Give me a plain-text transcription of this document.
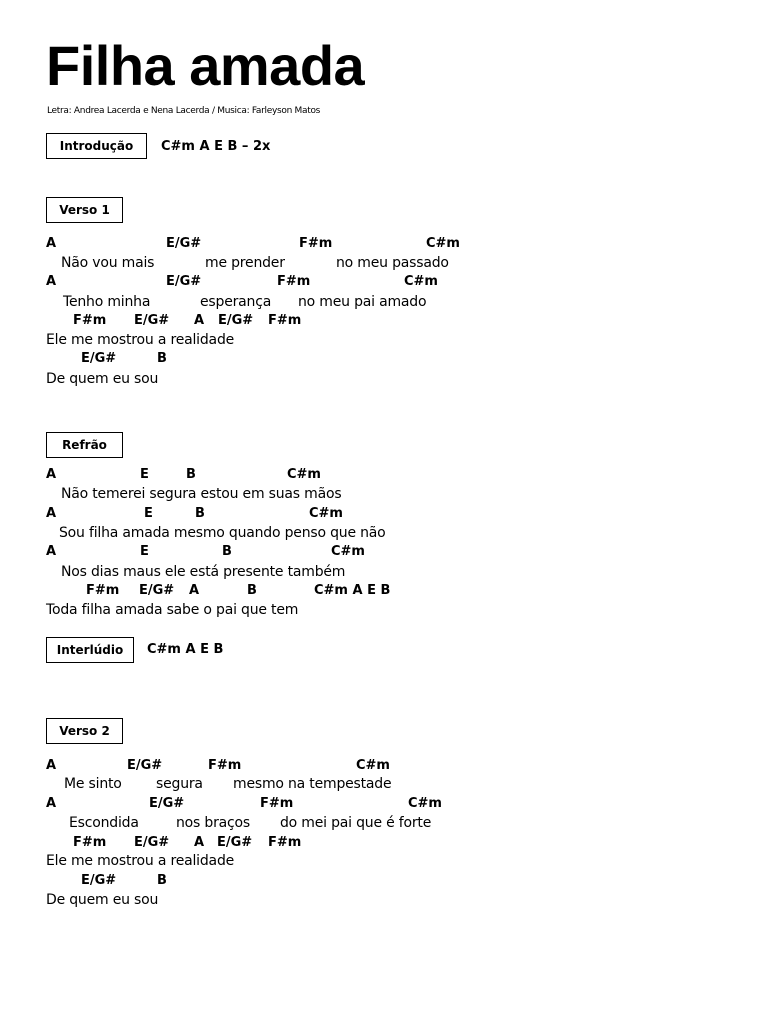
Filha amada
Letra: Andrea Lacerda e Nena Lacerda / Musica: Farleyson Matos
Introdução	C#m A E B – 2x
Verso 1
A	E/G#	F#m	C#m
Não vou mais	me prender	no meu passado
A	E/G#	F#m	C#m
Tenho minha	esperança no meu pai amado
F#m E/G# A E/G# F#m
Ele me mostrou a realidade
E/G#	B
De quem eu sou
Refrão
A	E	B	C#m
Não temerei segura estou em suas mãos
A	E	B	C#m
Sou filha amada mesmo quando penso que não
A	E	B	C#m
Nos dias maus ele está presente também
F#m E/G# A	B	C#m A E B
Toda filha amada sabe o pai que tem
Interlúdio	C#m A E B
Verso 2
A	E/G#	F#m	C#m
Me sinto segura mesmo na tempestade
A	E/G#	F#m	C#m
Escondida	nos braços do mei pai que é forte
F#m E/G# A E/G# F#m
Ele me mostrou a realidade
E/G#	B
De quem eu sou
